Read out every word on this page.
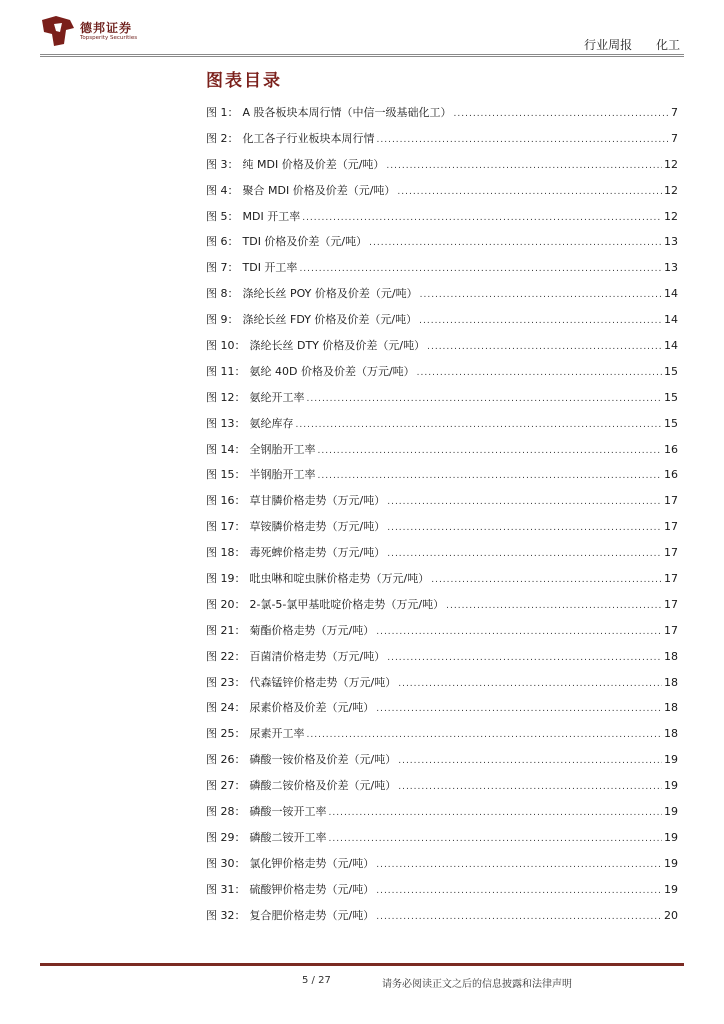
德邦证券
Topsperity Securities	行业周报 化工
图表目录
图 1： A 股各板块本周行情（中信一级基础化工） .....	7
图 2： 化工各子行业板块本周行情 .....	7
图 3： 纯 MDI 价格及价差（元/吨） .....	12
图 4： 聚合 MDI 价格及价差（元/吨） .....	12
图 5： MDI 开工率 .....	12
图 6： TDI 价格及价差（元/吨） .....	13
图 7： TDI 开工率 .....	13
图 8： 涤纶长丝 POY 价格及价差（元/吨） .....	14
图 9： 涤纶长丝 FDY 价格及价差（元/吨） .....	14
图 10： 涤纶长丝 DTY 价格及价差（元/吨） .....	14
图 11： 氨纶 40D 价格及价差（万元/吨） .....	15
图 12： 氨纶开工率 .....	15
图 13： 氨纶库存 .....	15
图 14： 全钢胎开工率 .....	16
图 15： 半钢胎开工率 .....	16
图 16： 草甘膦价格走势（万元/吨） .....	17
图 17： 草铵膦价格走势（万元/吨） .....	17
图 18： 毒死蜱价格走势（万元/吨） .....	17
图 19： 吡虫啉和啶虫脒价格走势（万元/吨） .....	17
图 20： 2-氯-5-氯甲基吡啶价格走势（万元/吨） .....	17
图 21： 菊酯价格走势（万元/吨） .....	17
图 22： 百菌清价格走势（万元/吨） .....	18
图 23： 代森锰锌价格走势（万元/吨） .....	18
图 24： 尿素价格及价差（元/吨） .....	18
图 25： 尿素开工率 .....	18
图 26： 磷酸一铵价格及价差（元/吨） .....	19
图 27： 磷酸二铵价格及价差（元/吨） .....	19
图 28： 磷酸一铵开工率 .....	19
图 29： 磷酸二铵开工率 .....	19
图 30： 氯化钾价格走势（元/吨） .....	19
图 31： 硫酸钾价格走势（元/吨） .....	19
图 32： 复合肥价格走势（元/吨） .....	20
5 / 27	请务必阅读正文之后的信息披露和法律声明
